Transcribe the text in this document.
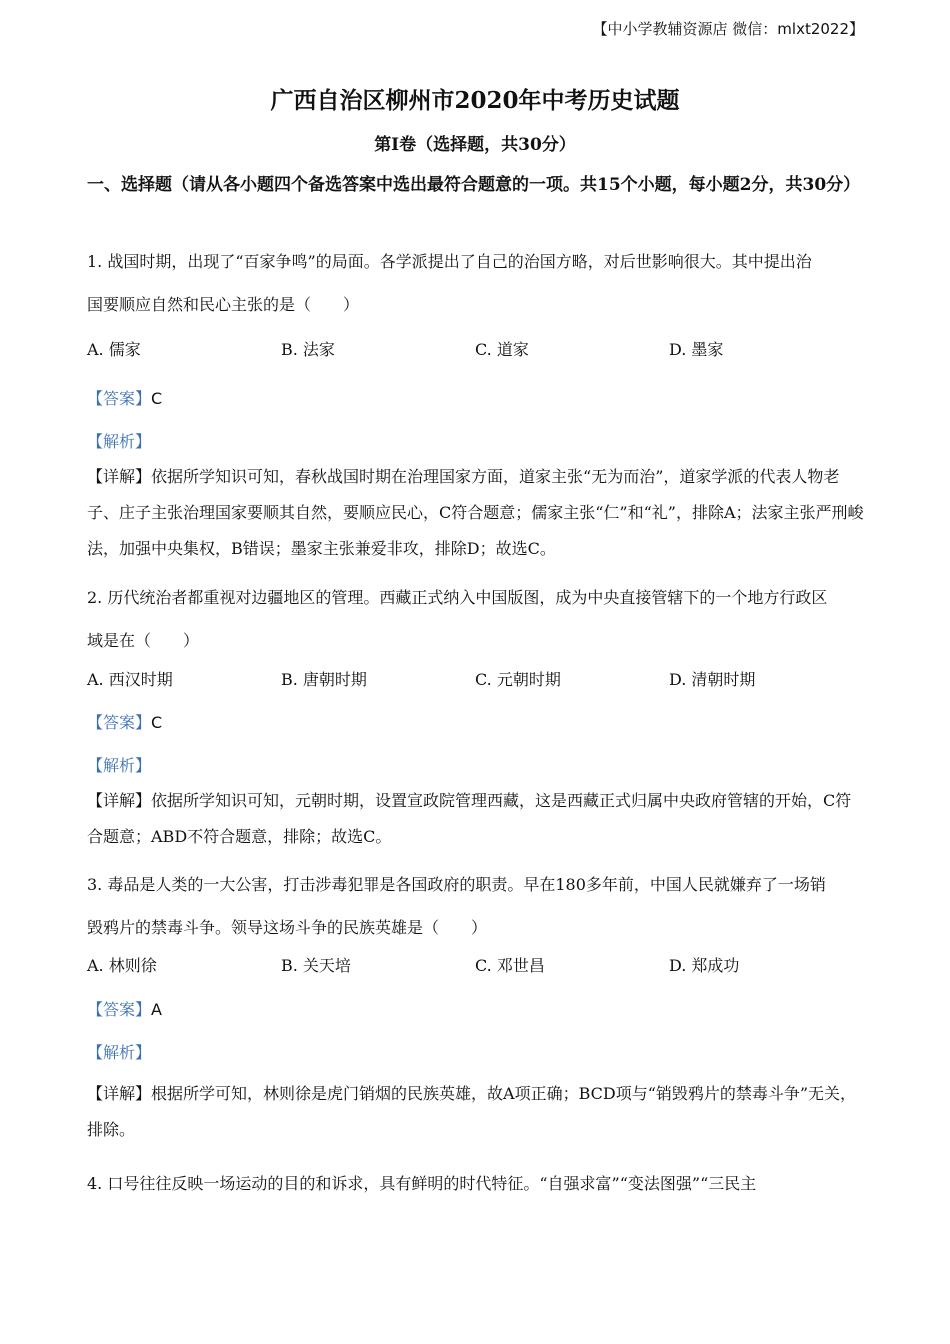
【中小学教辅资源店 微信：mlxt2022】
广西自治区柳州市2020年中考历史试题
第Ⅰ卷（选择题，共30分）
一、选择题（请从各小题四个备选答案中选出最符合题意的一项。共15个小题，每小题2分，共30分）
1. 战国时期，出现了“百家争鸣”的局面。各学派提出了自己的治国方略，对后世影响很大。其中提出治
国要顺应自然和民心主张的是（　　）
A. 儒家	B. 法家	C. 道家	D. 墨家
【答案】C
【解析】
【详解】依据所学知识可知，春秋战国时期在治理国家方面，道家主张“无为而治”，道家学派的代表人物老子、庄子主张治理国家要顺其自然，要顺应民心，C符合题意；儒家主张“仁”和“礼”，排除A；法家主张严刑峻法，加强中央集权，B错误；墨家主张兼爱非攻，排除D；故选C。
2. 历代统治者都重视对边疆地区的管理。西藏正式纳入中国版图，成为中央直接管辖下的一个地方行政区
域是在（　　）
A. 西汉时期	B. 唐朝时期	C. 元朝时期	D. 清朝时期
【答案】C
【解析】
【详解】依据所学知识可知，元朝时期，设置宣政院管理西藏，这是西藏正式归属中央政府管辖的开始，C符合题意；ABD不符合题意，排除；故选C。
3. 毒品是人类的一大公害，打击涉毒犯罪是各国政府的职责。早在180多年前，中国人民就嫌弃了一场销
毁鸦片的禁毒斗争。领导这场斗争的民族英雄是（　　）
A. 林则徐	B. 关天培	C. 邓世昌	D. 郑成功
【答案】A
【解析】
【详解】根据所学可知，林则徐是虎门销烟的民族英雄，故A项正确；BCD项与“销毁鸦片的禁毒斗争”无关，排除。
4. 口号往往反映一场运动的目的和诉求，具有鲜明的时代特征。“自强求富”“变法图强”“三民主
